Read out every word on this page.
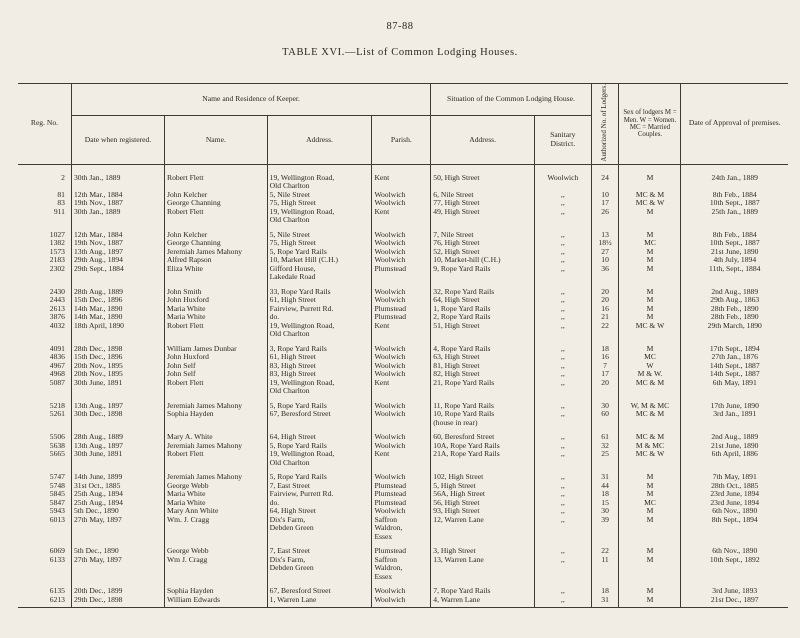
87-88
TABLE XVI.—List of Common Lodging Houses.
Reg. No.	Name and Residence of Keeper.				Situation of the Common Lodging House.		Authorized No. of Lodgers.	Sex of lodgers M = Men. W = Women. MC = Married Couples.	Date of Approval of premises.
	Date when registered.	Name.	Address.	Parish.	Address.	Sanitary District.			
2	30th Jan., 1889	Robert Flett	19, Wellington Road,	Kent	50, High Street	Woolwich	24	M	24th Jan., 1889
			Old Charlton						
81	12th Mar., 1884	John Kelcher	5, Nile Street	Woolwich	6, Nile Street	,,	10	MC & M	8th Feb., 1884
83	19th Nov., 1887	George Channing	75, High Street	Woolwich	77, High Street	,,	17	MC & W	10th Sept., 1887
911	30th Jan., 1889	Robert Flett	19, Wellington Road,	Kent	49, High Street	,,	26	M	25th Jan., 1889
			Old Charlton						
1027	12th Mar., 1884	John Kelcher	5, Nile Street	Woolwich	7, Nile Street	,,	13	M	8th Feb., 1884
1382	19th Nov., 1887	George Channing	75, High Street	Woolwich	76, High Street	,,	18½	MC	10th Sept., 1887
1573	13th Aug., 1897	Jeremiah James Mahony	5, Rope Yard Rails	Woolwich	52, High Street	,,	27	M	21st June, 1890
2183	29th Aug., 1894	Alfred Rapson	10, Market Hill (C.H.)	Woolwich	10, Market-hill (C.H.)	,,	10	M	4th July, 1894
2302	29th Sept., 1884	Eliza White	Gifford House,	Plumstead	9, Rope Yard Rails	,,	36	M	11th, Sept., 1884
			Lakedale Road						
2430	28th Aug., 1889	John Smith	33, Rope Yard Rails	Woolwich	32, Rope Yard Rails	,,	20	M	2nd Aug., 1889
2443	15th Dec., 1896	John Huxford	61, High Street	Woolwich	64, High Street	,,	20	M	29th Aug., 1863
2613	14th Mar., 1890	Maria White	Fairview, Purrett Rd.	Plumstead	1, Rope Yard Rails	,,	16	M	28th Feb., 1890
3876	14th Mar., 1890	Maria White	do.	Plumstead	2, Rope Yard Rails	,,	21	M	28th Feb., 1890
4032	18th April, 1890	Robert Flett	19, Wellington Road,	Kent	51, High Street	,,	22	MC & W	29th March, 1890
			Old Charlton						
4091	28th Dec., 1898	William James Dunbar	3, Rope Yard Rails	Woolwich	4, Rope Yard Rails	,,	18	M	17th Sept., 1894
4836	15th Dec., 1896	John Huxford	61, High Street	Woolwich	63, High Street	,,	16	MC	27th Jan., 1876
4967	20th Nov., 1895	John Self	83, High Street	Woolwich	81, High Street	,,	7	W	14th Sept., 1887
4968	20th Nov., 1895	John Self	83, High Street	Woolwich	82, High Street	,,	17	M & W.	14th Sept., 1887
5087	30th June, 1891	Robert Flett	19, Wellington Road,	Kent	21, Rope Yard Rails	,,	20	MC & M	6th May, 1891
			Old Charlton						
5218	13th Aug., 1897	Jeremiah James Mahony	5, Rope Yard Rails	Woolwich	11, Rope Yard Rails	,,	30	W, M & MC	17th June, 1890
5261	30th Dec., 1898	Sophia Hayden	67, Beresford Street	Woolwich	10, Rope Yard Rails	,,	60	MC & M	3rd Jan., 1891
					(house in rear)				
5506	28th Aug., 1889	Mary A. White	64, High Street	Woolwich	60, Beresford Street	,,	61	MC & M	2nd Aug., 1889
5638	13th Aug., 1897	Jeremiah James Mahony	5, Rope Yard Rails	Woolwich	10A, Rope Yard Rails	,,	32	M & MC	21st June, 1890
5665	30th June, 1891	Robert Flett	19, Wellington Road,	Kent	21A, Rope Yard Rails	,,	25	MC & W	6th April, 1886
			Old Charlton						
5747	14th June, 1899	Jeremiah James Mahony	5, Rope Yard Rails	Woolwich	102, High Street	,,	31	M	7th May, 1891
5748	31st Oct., 1885	George Webb	7, East Street	Plumstead	5, High Street	,,	44	M	28th Oct., 1885
5845	25th Aug., 1894	Maria White	Fairview, Purrett Rd.	Plumstead	56A, High Street	,,	18	M	23rd June, 1894
5847	25th Aug., 1894	Maria White	do.	Plumstead	56, High Street	,,	15	MC	23rd June, 1894
5943	5th Dec., 1890	Mary Ann White	64, High Street	Woolwich	93, High Street	,,	30	M	6th Nov., 1890
6013	27th May, 1897	Wm. J. Cragg	Dix's Farm,	Saffron	12, Warren Lane	,,	39	M	8th Sept., 1894
			Debden Green	Waldron,					
				Essex					
6069	5th Dec., 1890	George Webb	7, East Street	Plumstead	3, High Street	,,	22	M	6th Nov., 1890
6133	27th May, 1897	Wm J. Cragg	Dix's Farm,	Saffron	13, Warren Lane	,,	11	M	10th Sept., 1892
			Debden Green	Waldron,					
				Essex					
6135	20th Dec., 1899	Sophia Hayden	67, Beresford Street	Woolwich	7, Rope Yard Rails	,,	18	M	3rd June, 1893
6213	29th Dec., 1898	William Edwards	1, Warren Lane	Woolwich	4, Warren Lane	,,	31	M	21st Dec., 1897
